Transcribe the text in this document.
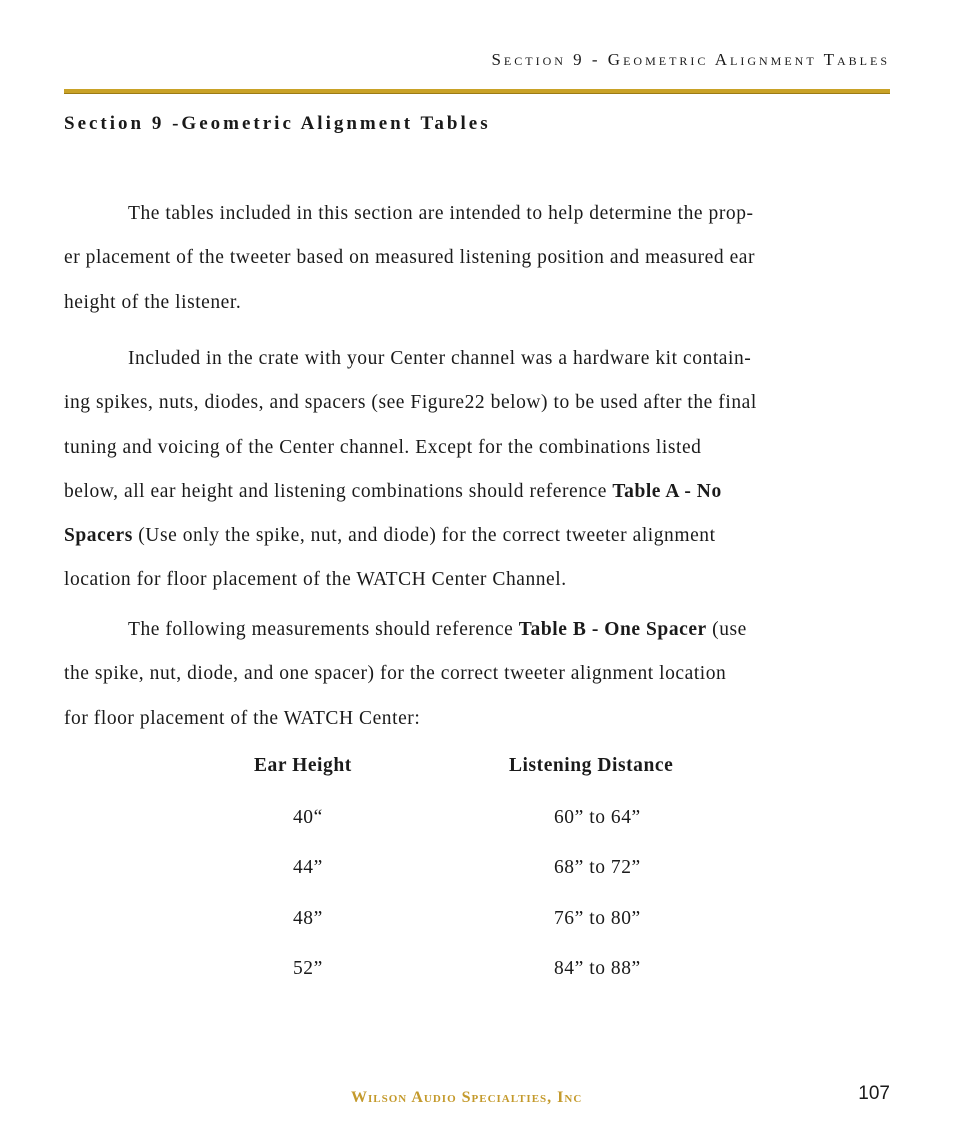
Section 9 - Geometric Alignment Tables
Section 9 -Geometric Alignment Tables

The tables included in this section are intended to help determine the prop-
er placement of the tweeter based on measured listening position and measured ear
height of the listener.

Included in the crate with your Center channel was a hardware kit contain-
ing spikes, nuts, diodes, and spacers (see Figure22 below) to be used after the final
tuning and voicing of the Center channel. Except for the combinations listed
below, all ear height and listening combinations should reference Table A - No
Spacers (Use only the spike, nut, and diode) for the correct tweeter alignment
location for floor placement of the WATCH Center Channel.

The following measurements should reference Table B - One Spacer (use
the spike, nut, diode, and one spacer) for the correct tweeter alignment location
for floor placement of the WATCH Center:

Ear Height	Listening Distance
40“	60” to 64”
44”	68” to 72”
48”	76” to 80”
52”	84” to 88”
Wilson Audio Specialties, Inc	107
